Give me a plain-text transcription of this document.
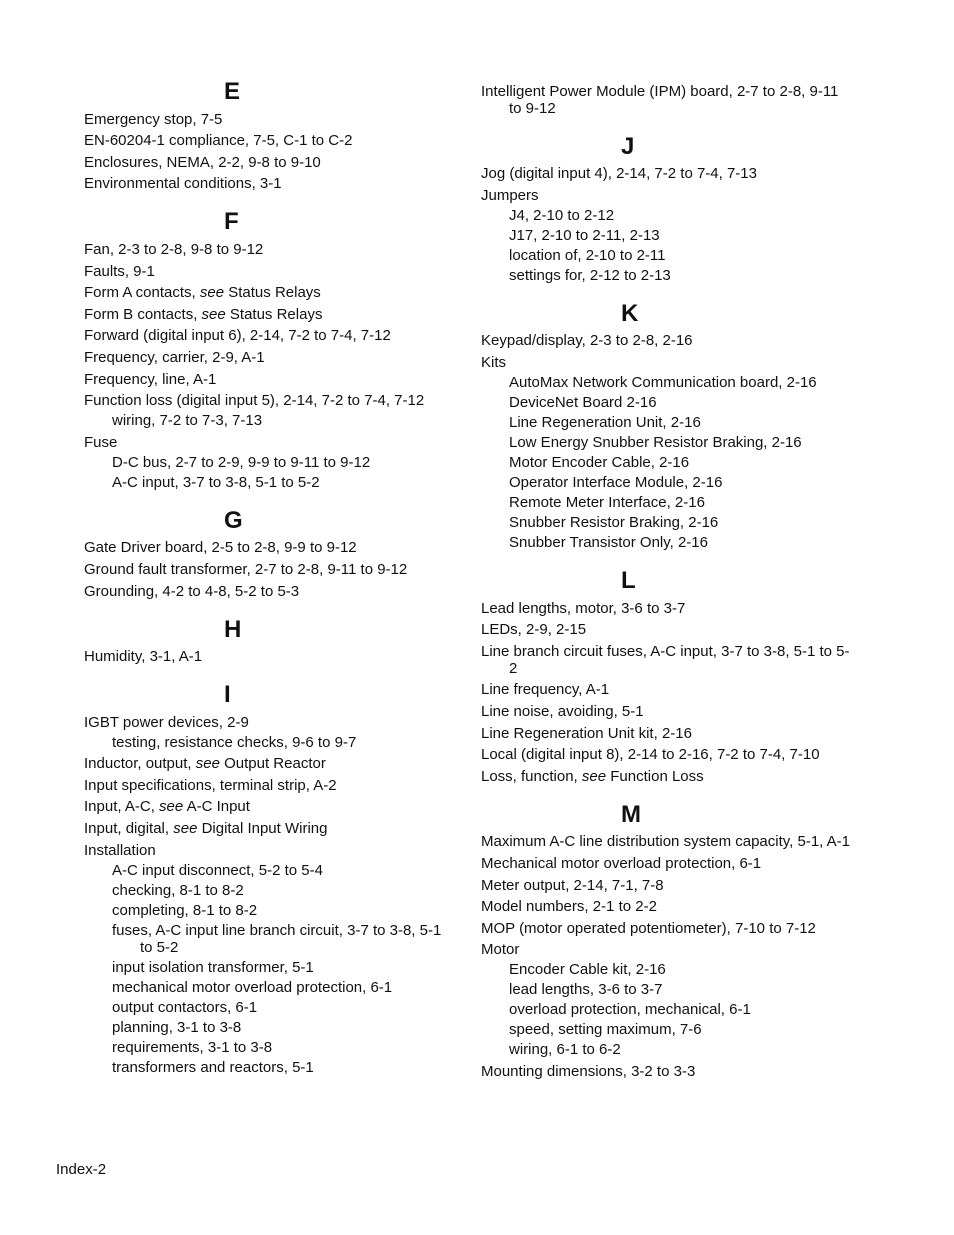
E
Emergency stop, 7-5
EN-60204-1 compliance, 7-5, C-1 to C-2
Enclosures, NEMA, 2-2, 9-8 to 9-10
Environmental conditions, 3-1
F
Fan, 2-3 to 2-8, 9-8 to 9-12
Faults, 9-1
Form A contacts, see Status Relays
Form B contacts, see Status Relays
Forward (digital input 6), 2-14, 7-2 to 7-4, 7-12
Frequency, carrier, 2-9, A-1
Frequency, line, A-1
Function loss (digital input 5), 2-14, 7-2 to 7-4, 7-12
wiring, 7-2 to 7-3, 7-13
Fuse
D-C bus, 2-7 to 2-9, 9-9 to 9-11 to 9-12
A-C input, 3-7 to 3-8, 5-1 to 5-2
G
Gate Driver board, 2-5 to 2-8, 9-9 to 9-12
Ground fault transformer, 2-7 to 2-8, 9-11 to 9-12
Grounding, 4-2 to 4-8, 5-2 to 5-3
H
Humidity, 3-1, A-1
I
IGBT power devices, 2-9
testing, resistance checks, 9-6 to 9-7
Inductor, output, see Output Reactor
Input specifications, terminal strip, A-2
Input, A-C, see A-C Input
Input, digital, see Digital Input Wiring
Installation
A-C input disconnect, 5-2 to 5-4
checking, 8-1 to 8-2
completing, 8-1 to 8-2
fuses, A-C input line branch circuit, 3-7 to 3-8, 5-1 to 5-2
input isolation transformer, 5-1
mechanical motor overload protection, 6-1
output contactors, 6-1
planning, 3-1 to 3-8
requirements, 3-1 to 3-8
transformers and reactors, 5-1
Intelligent Power Module (IPM) board, 2-7 to 2-8, 9-11 to 9-12
J
Jog (digital input 4), 2-14, 7-2 to 7-4, 7-13
Jumpers
J4, 2-10 to 2-12
J17, 2-10 to 2-11, 2-13
location of, 2-10 to 2-11
settings for, 2-12 to 2-13
K
Keypad/display, 2-3 to 2-8, 2-16
Kits
AutoMax Network Communication board, 2-16
DeviceNet Board 2-16
Line Regeneration Unit, 2-16
Low Energy Snubber Resistor Braking, 2-16
Motor Encoder Cable, 2-16
Operator Interface Module, 2-16
Remote Meter Interface, 2-16
Snubber Resistor Braking, 2-16
Snubber Transistor Only, 2-16
L
Lead lengths, motor, 3-6 to 3-7
LEDs, 2-9, 2-15
Line branch circuit fuses, A-C input, 3-7 to 3-8, 5-1 to 5-2
Line frequency, A-1
Line noise, avoiding, 5-1
Line Regeneration Unit kit, 2-16
Local (digital input 8), 2-14 to 2-16, 7-2 to 7-4, 7-10
Loss, function, see Function Loss
M
Maximum A-C line distribution system capacity, 5-1, A-1
Mechanical motor overload protection, 6-1
Meter output, 2-14, 7-1, 7-8
Model numbers, 2-1 to 2-2
MOP (motor operated potentiometer), 7-10 to 7-12
Motor
Encoder Cable kit, 2-16
lead lengths, 3-6 to 3-7
overload protection, mechanical, 6-1
speed, setting maximum, 7-6
wiring, 6-1 to 6-2
Mounting dimensions, 3-2 to 3-3
Index-2
